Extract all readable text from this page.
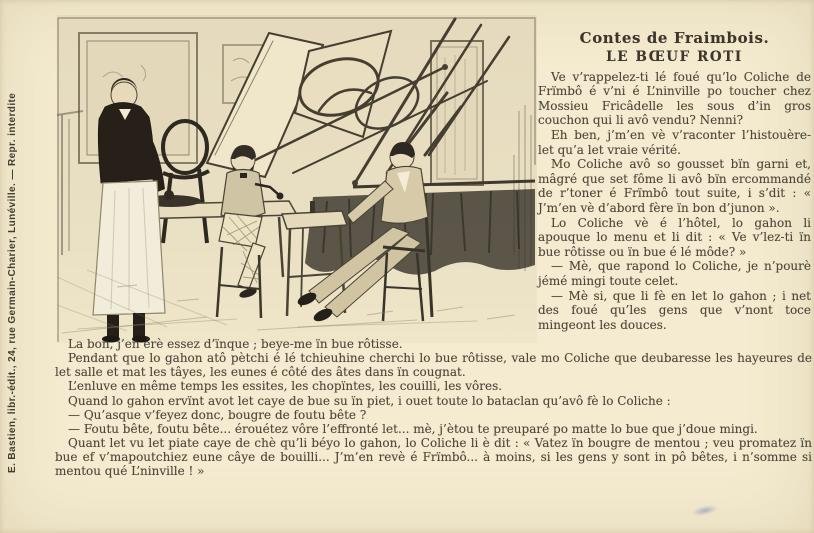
E. Bastien, libr.-édit., 24, rue Germain-Charier, Lunéville. — Repr. interdite

Contes de Fraimbois.

LE BŒUF ROTI

Ve v’rappelez-ti lé foué qu’lo Coliche de Frïmbô é v’ni é L’ninville po toucher chez Mossieu Fricâdelle les sous d’in gros couchon qui li avô vendu? Nenni?

Eh ben, j’m’en vè v’raconter l’histouère-let qu’a let vraie vérité.

Mo Coliche avô so gousset bïn garni et, mâgré que set fôme li avô bïn ercommandé de r’toner é Frïmbô tout suite, i s’dit : « J’m’en vè d’abord fère ïn bon d’junon ».

Lo Coliche vè é l’hôtel, lo gahon li apouque lo menu et li dit : « Ve v’lez-ti ïn bue rôtisse ou ïn bue é lé môde? »

— Mè, que rapond lo Coliche, je n’pourè jémé mingi toute celet.

— Mè si, que li fè en let lo gahon ; i net des foué qu’les gens que v’nont toce mingeont les douces.

La bon, j’en érè essez d’ïnque ; beye-me ïn bue rôtisse.

Pendant que lo gahon atô pètchi é lé tchieuhine cherchi lo bue rôtisse, vale mo Coliche que deubaresse les hayeures de let salle et mat les tâyes, les eunes é côté des âtes dans ïn cougnat.

L’enluve en même temps les essites, les chopïntes, les couilli, les vôres.

Quand lo gahon ervïnt avot let caye de bue su ïn piet, i ouet toute lo bataclan qu’avô fè lo Coliche :

— Qu’asque v’feyez donc, bougre de foutu bête ?

— Foutu bête, foutu bête... érouétez vôre l’effronté let... mè, j’ètou te preuparé po matte lo bue que j’doue mingi.

Quant let vu let piate caye de chè qu’li béyo lo gahon, lo Coliche li è dit : « Vatez ïn bougre de mentou ; veu promatez ïn bue ef v’mapoutchiez eune câye de bouilli... J’m’en revè é Frïmbô... à moins, si les gens y sont in pô bêtes, i n’somme si mentou qué L’ninville ! »
